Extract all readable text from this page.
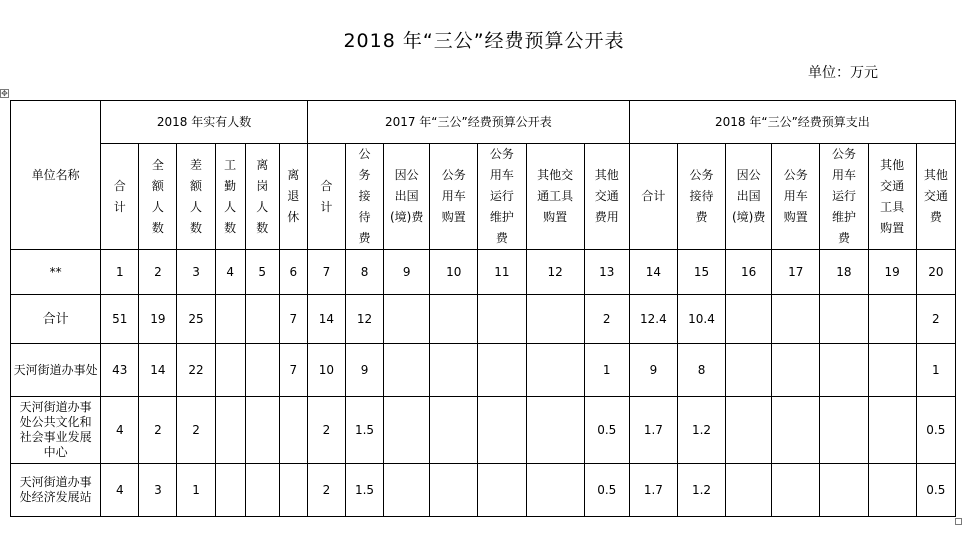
2018 年“三公”经费预算公开表
单位：万元
✥
单位名称	2018 年实有人数						2017 年“三公”经费预算公开表							2018 年“三公”经费预算支出						
	合计	全额人数	差额人数	工勤人数	离岗人数	离退休	合计	公务接待费	因公
出国
(境)费	公务
用车
购置	公务
用车
运行
维护
费	其他交
通工具
购置	其他
交通
费用	合计	公务
接待
费	因公
出国
(境)费	公务
用车
购置	公务
用车
运行
维护
费	其他
交通
工具
购置	其他
交通
费
**	1	2	3	4	5	6	7	8	9	10	11	12	13	14	15	16	17	18	19	20
合计	51	19	25			7	14	12					2	12.4	10.4					2
天河街道办事处	43	14	22			7	10	9					1	9	8					1
天河街道办事
处公共文化和
社会事业发展
中心	4	2	2				2	1.5					0.5	1.7	1.2					0.5
天河街道办事
处经济发展站	4	3	1				2	1.5					0.5	1.7	1.2					0.5
